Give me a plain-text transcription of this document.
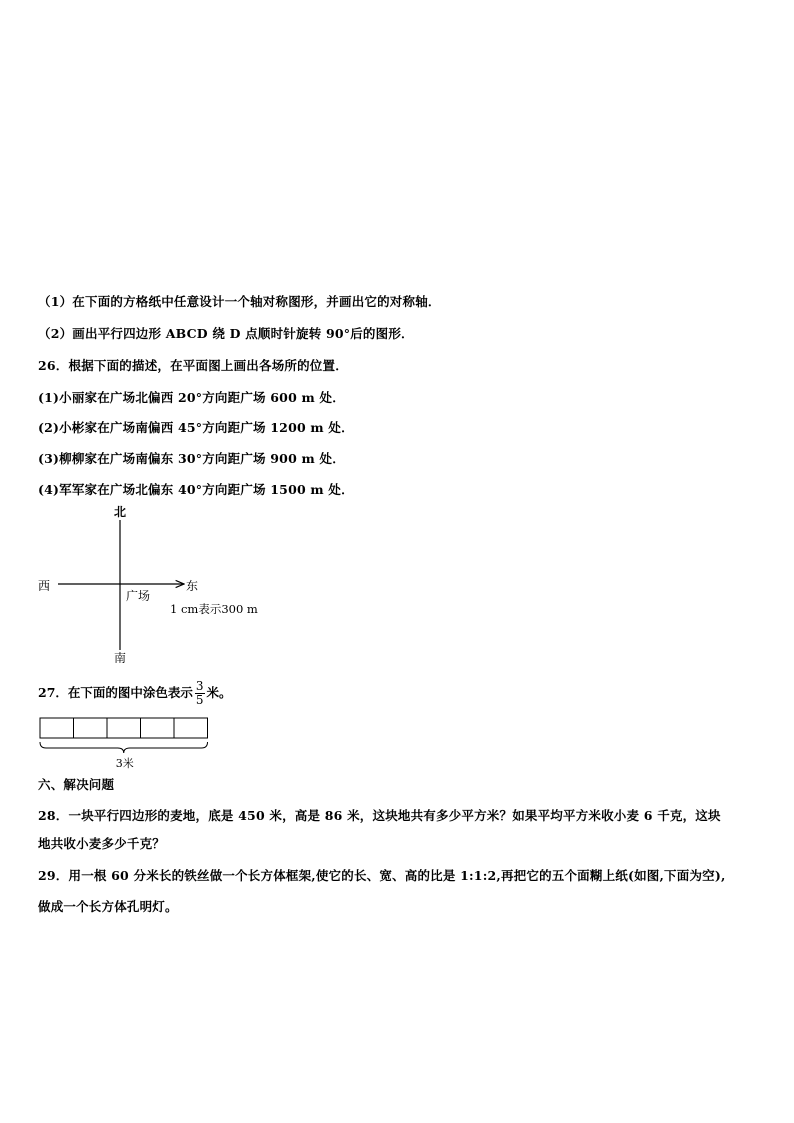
（1）在下面的方格纸中任意设计一个轴对称图形，并画出它的对称轴．
（2）画出平行四边形 ABCD 绕 D 点顺时针旋转 90°后的图形．
26．根据下面的描述，在平面图上画出各场所的位置．
(1)小丽家在广场北偏西 20°方向距广场 600 m 处．
(2)小彬家在广场南偏西 45°方向距广场 1200 m 处．
(3)柳柳家在广场南偏东 30°方向距广场 900 m 处．
(4)军军家在广场北偏东 40°方向距广场 1500 m 处．
北
南
西	东
广场
1 cm表示300 m
27．在下面的图中涂色表示 $\frac{3}{5}$ 米。
3米
六、解决问题
28．一块平行四边形的麦地，底是 450 米，高是 86 米，这块地共有多少平方米？如果平均平方米收小麦 6 千克，这块
地共收小麦多少千克？
29．用一根 60 分米长的铁丝做一个长方体框架,使它的长、宽、高的比是 1:1:2,再把它的五个面糊上纸(如图,下面为空),
做成一个长方体孔明灯。
